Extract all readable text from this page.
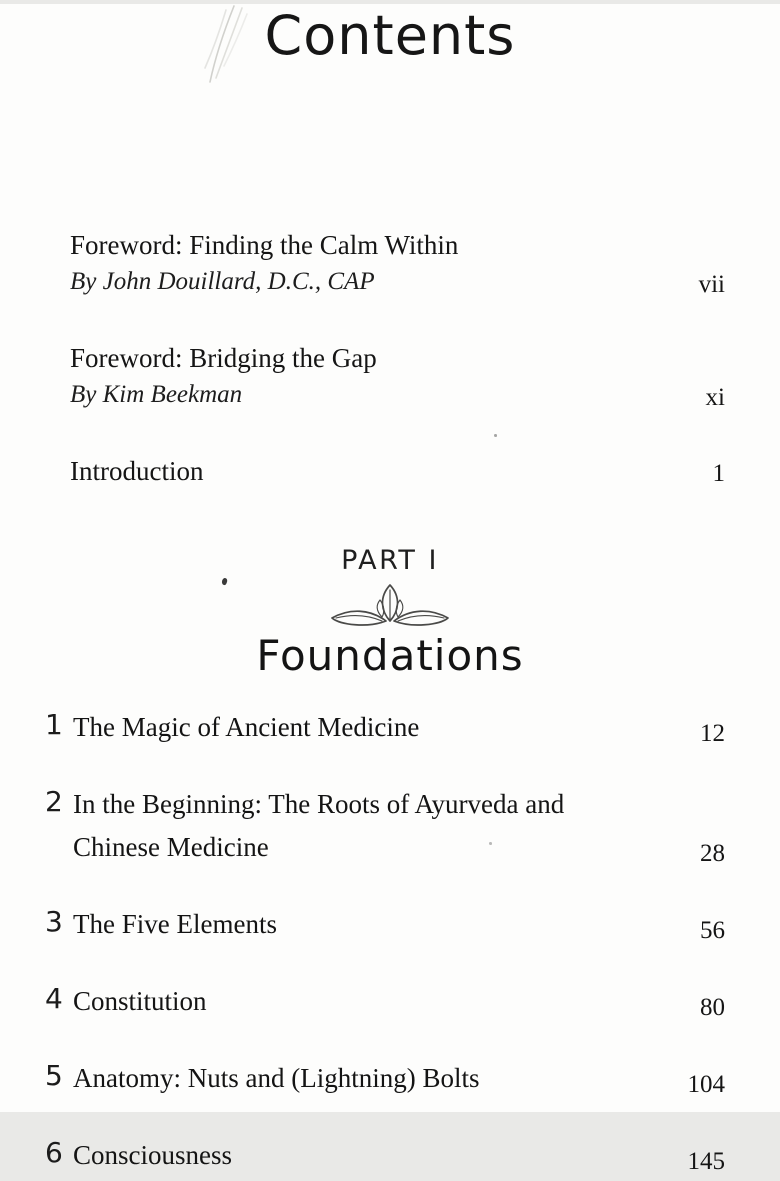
Contents
Foreword: Finding the Calm Within
By John Douillard, D.C., CAP	vii
Foreword: Bridging the Gap
By Kim Beekman	xi
Introduction	1
PART I
Foundations
1 The Magic of Ancient Medicine	12
2 In the Beginning: The Roots of Ayurveda and Chinese Medicine	28
3 The Five Elements	56
4 Constitution	80
5 Anatomy: Nuts and (Lightning) Bolts	104
6 Consciousness	145
